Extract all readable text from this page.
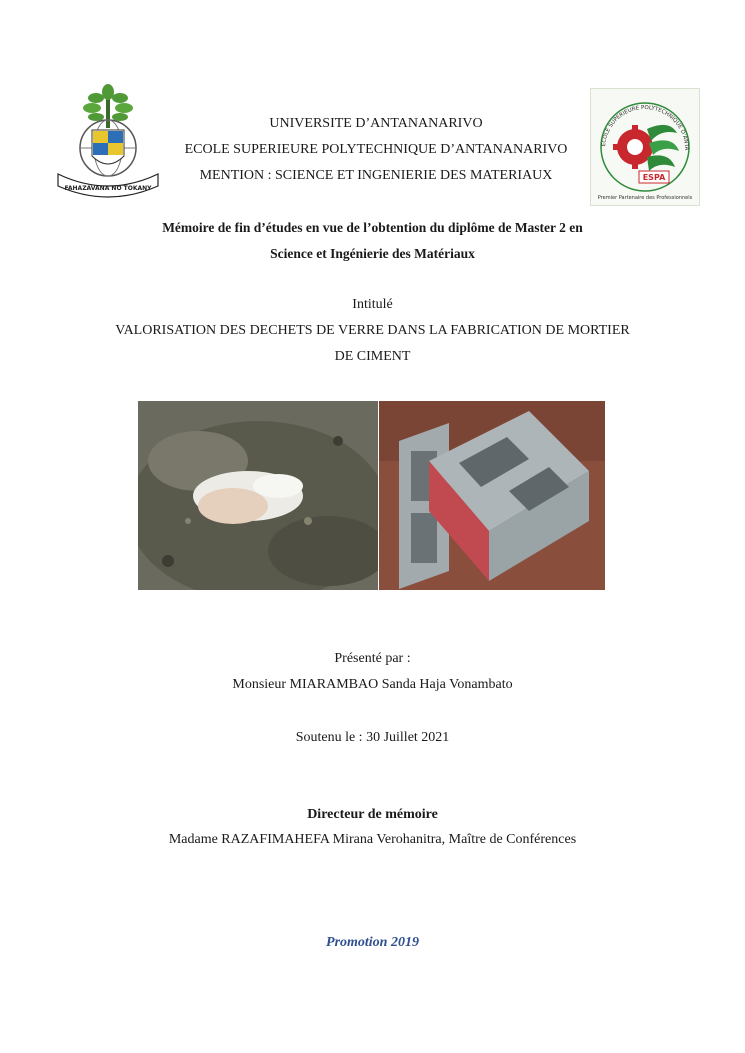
FAHAZAVANA NO TOKANY
UNIVERSITE D’ANTANANARIVO
ECOLE SUPERIEURE POLYTECHNIQUE D’ANTANANARIVO
MENTION : SCIENCE ET INGENIERIE DES MATERIAUX
ECOLE SUPERIEURE POLYTECHNIQUE D'ANTA
ESPA
Premier Partenaire des Professionnels
Mémoire de fin d’études en vue de l’obtention du diplôme de Master 2 en
Science et Ingénierie des Matériaux
Intitulé
VALORISATION DES DECHETS DE VERRE DANS LA FABRICATION DE MORTIER
DE CIMENT
Présenté par :
Monsieur MIARAMBAO Sanda Haja Vonambato
Soutenu le : 30 Juillet 2021
Directeur de mémoire
Madame RAZAFIMAHEFA Mirana Verohanitra, Maître de Conférences
Promotion 2019
